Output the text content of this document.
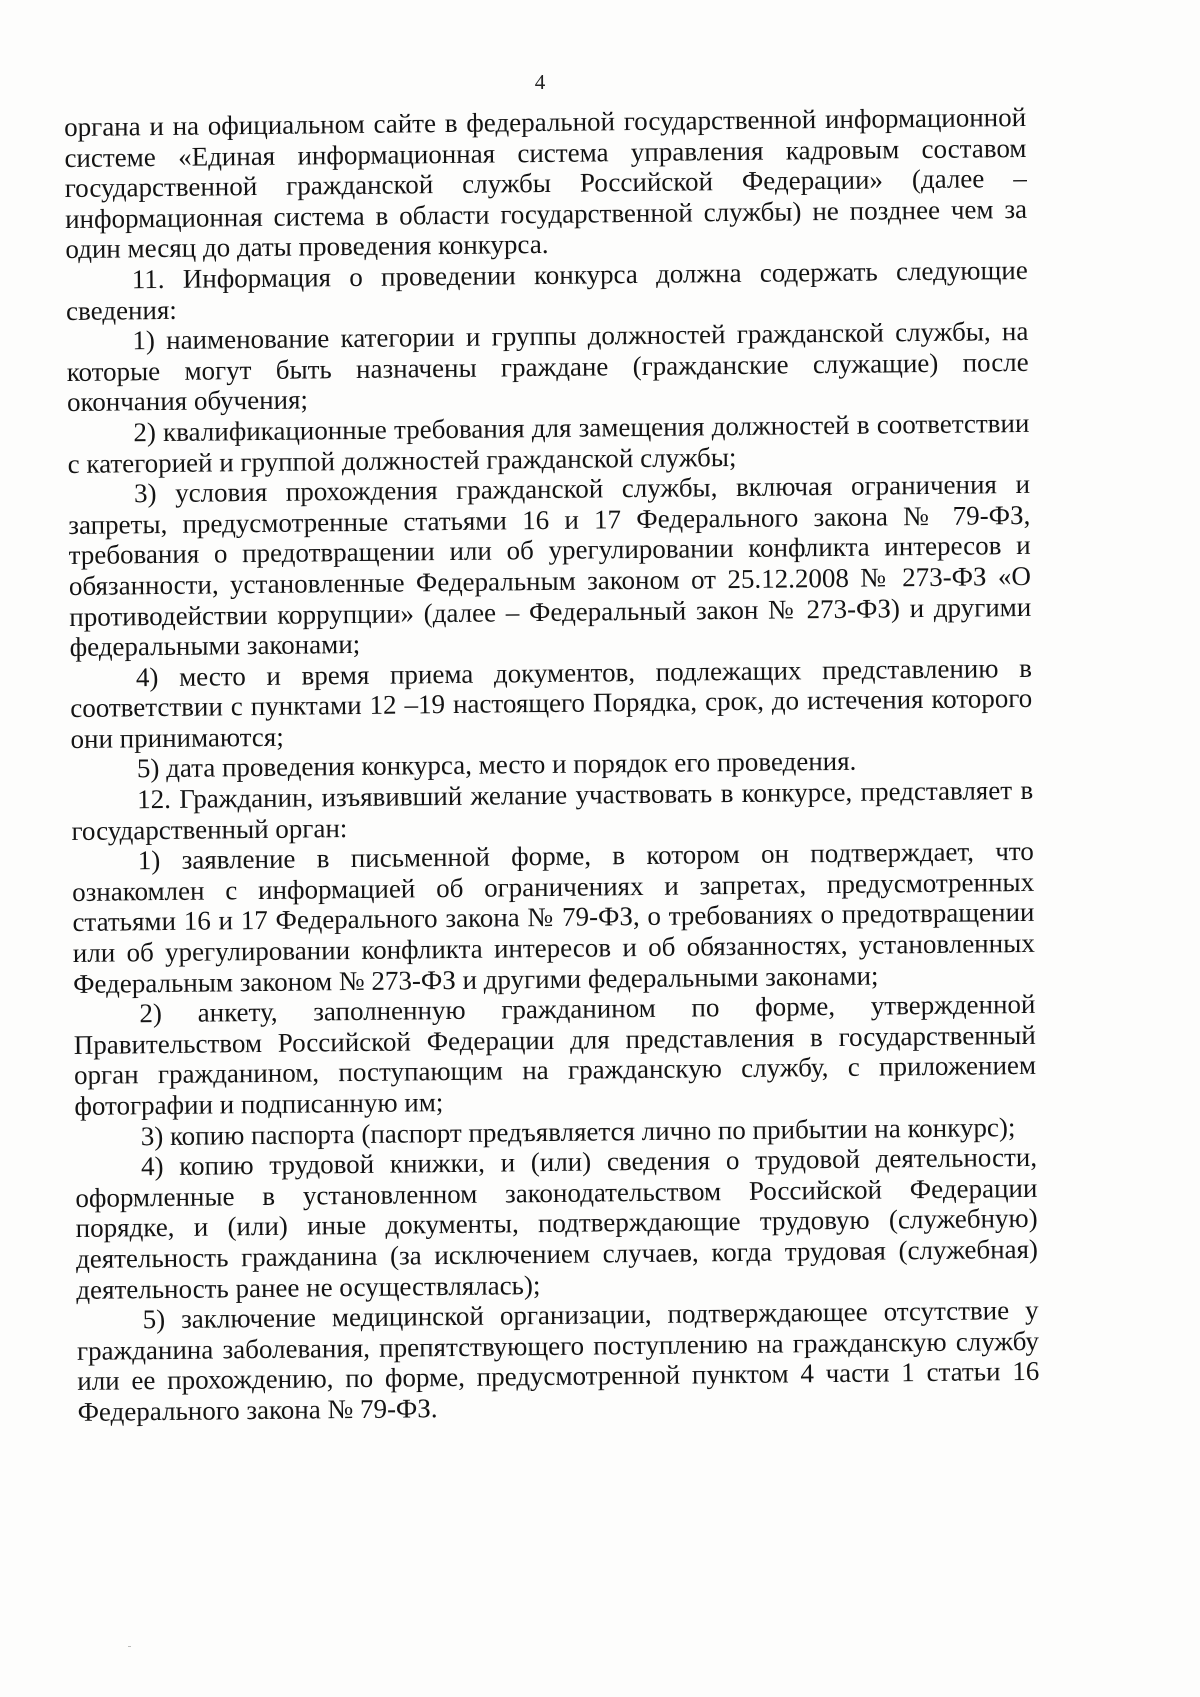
4

органа и на официальном сайте в федеральной государственной информационной системе «Единая информационная система управления кадровым составом государственной гражданской службы Российской Федерации» (далее – информационная система в области государственной службы) не позднее чем за один месяц до даты проведения конкурса.

11. Информация о проведении конкурса должна содержать следующие сведения:

1) наименование категории и группы должностей гражданской службы, на которые могут быть назначены граждане (гражданские служащие) после окончания обучения;

2) квалификационные требования для замещения должностей в соответствии с категорией и группой должностей гражданской службы;

3) условия прохождения гражданской службы, включая ограничения и запреты, предусмотренные статьями 16 и 17 Федерального закона № 79-ФЗ, требования о предотвращении или об урегулировании конфликта интересов и обязанности, установленные Федеральным законом от 25.12.2008 № 273-ФЗ «О противодействии коррупции» (далее – Федеральный закон № 273-ФЗ) и другими федеральными законами;

4) место и время приема документов, подлежащих представлению в соответствии с пунктами 12 –19 настоящего Порядка, срок, до истечения которого они принимаются;

5) дата проведения конкурса, место и порядок его проведения.

12. Гражданин, изъявивший желание участвовать в конкурсе, представляет в государственный орган:

1) заявление в письменной форме, в котором он подтверждает, что ознакомлен с информацией об ограничениях и запретах, предусмотренных статьями 16 и 17 Федерального закона № 79-ФЗ, о требованиях о предотвращении или об урегулировании конфликта интересов и об обязанностях, установленных Федеральным законом № 273-ФЗ и другими федеральными законами;

2) анкету, заполненную гражданином по форме, утвержденной Правительством Российской Федерации для представления в государственный орган гражданином, поступающим на гражданскую службу, с приложением фотографии и подписанную им;

3) копию паспорта (паспорт предъявляется лично по прибытии на конкурс);

4) копию трудовой книжки, и (или) сведения о трудовой деятельности, оформленные в установленном законодательством Российской Федерации порядке, и (или) иные документы, подтверждающие трудовую (служебную) деятельность гражданина (за исключением случаев, когда трудовая (служебная) деятельность ранее не осуществлялась);

5) заключение медицинской организации, подтверждающее отсутствие у гражданина заболевания, препятствующего поступлению на гражданскую службу или ее прохождению, по форме, предусмотренной пунктом 4 части 1 статьи 16 Федерального закона № 79-ФЗ.
